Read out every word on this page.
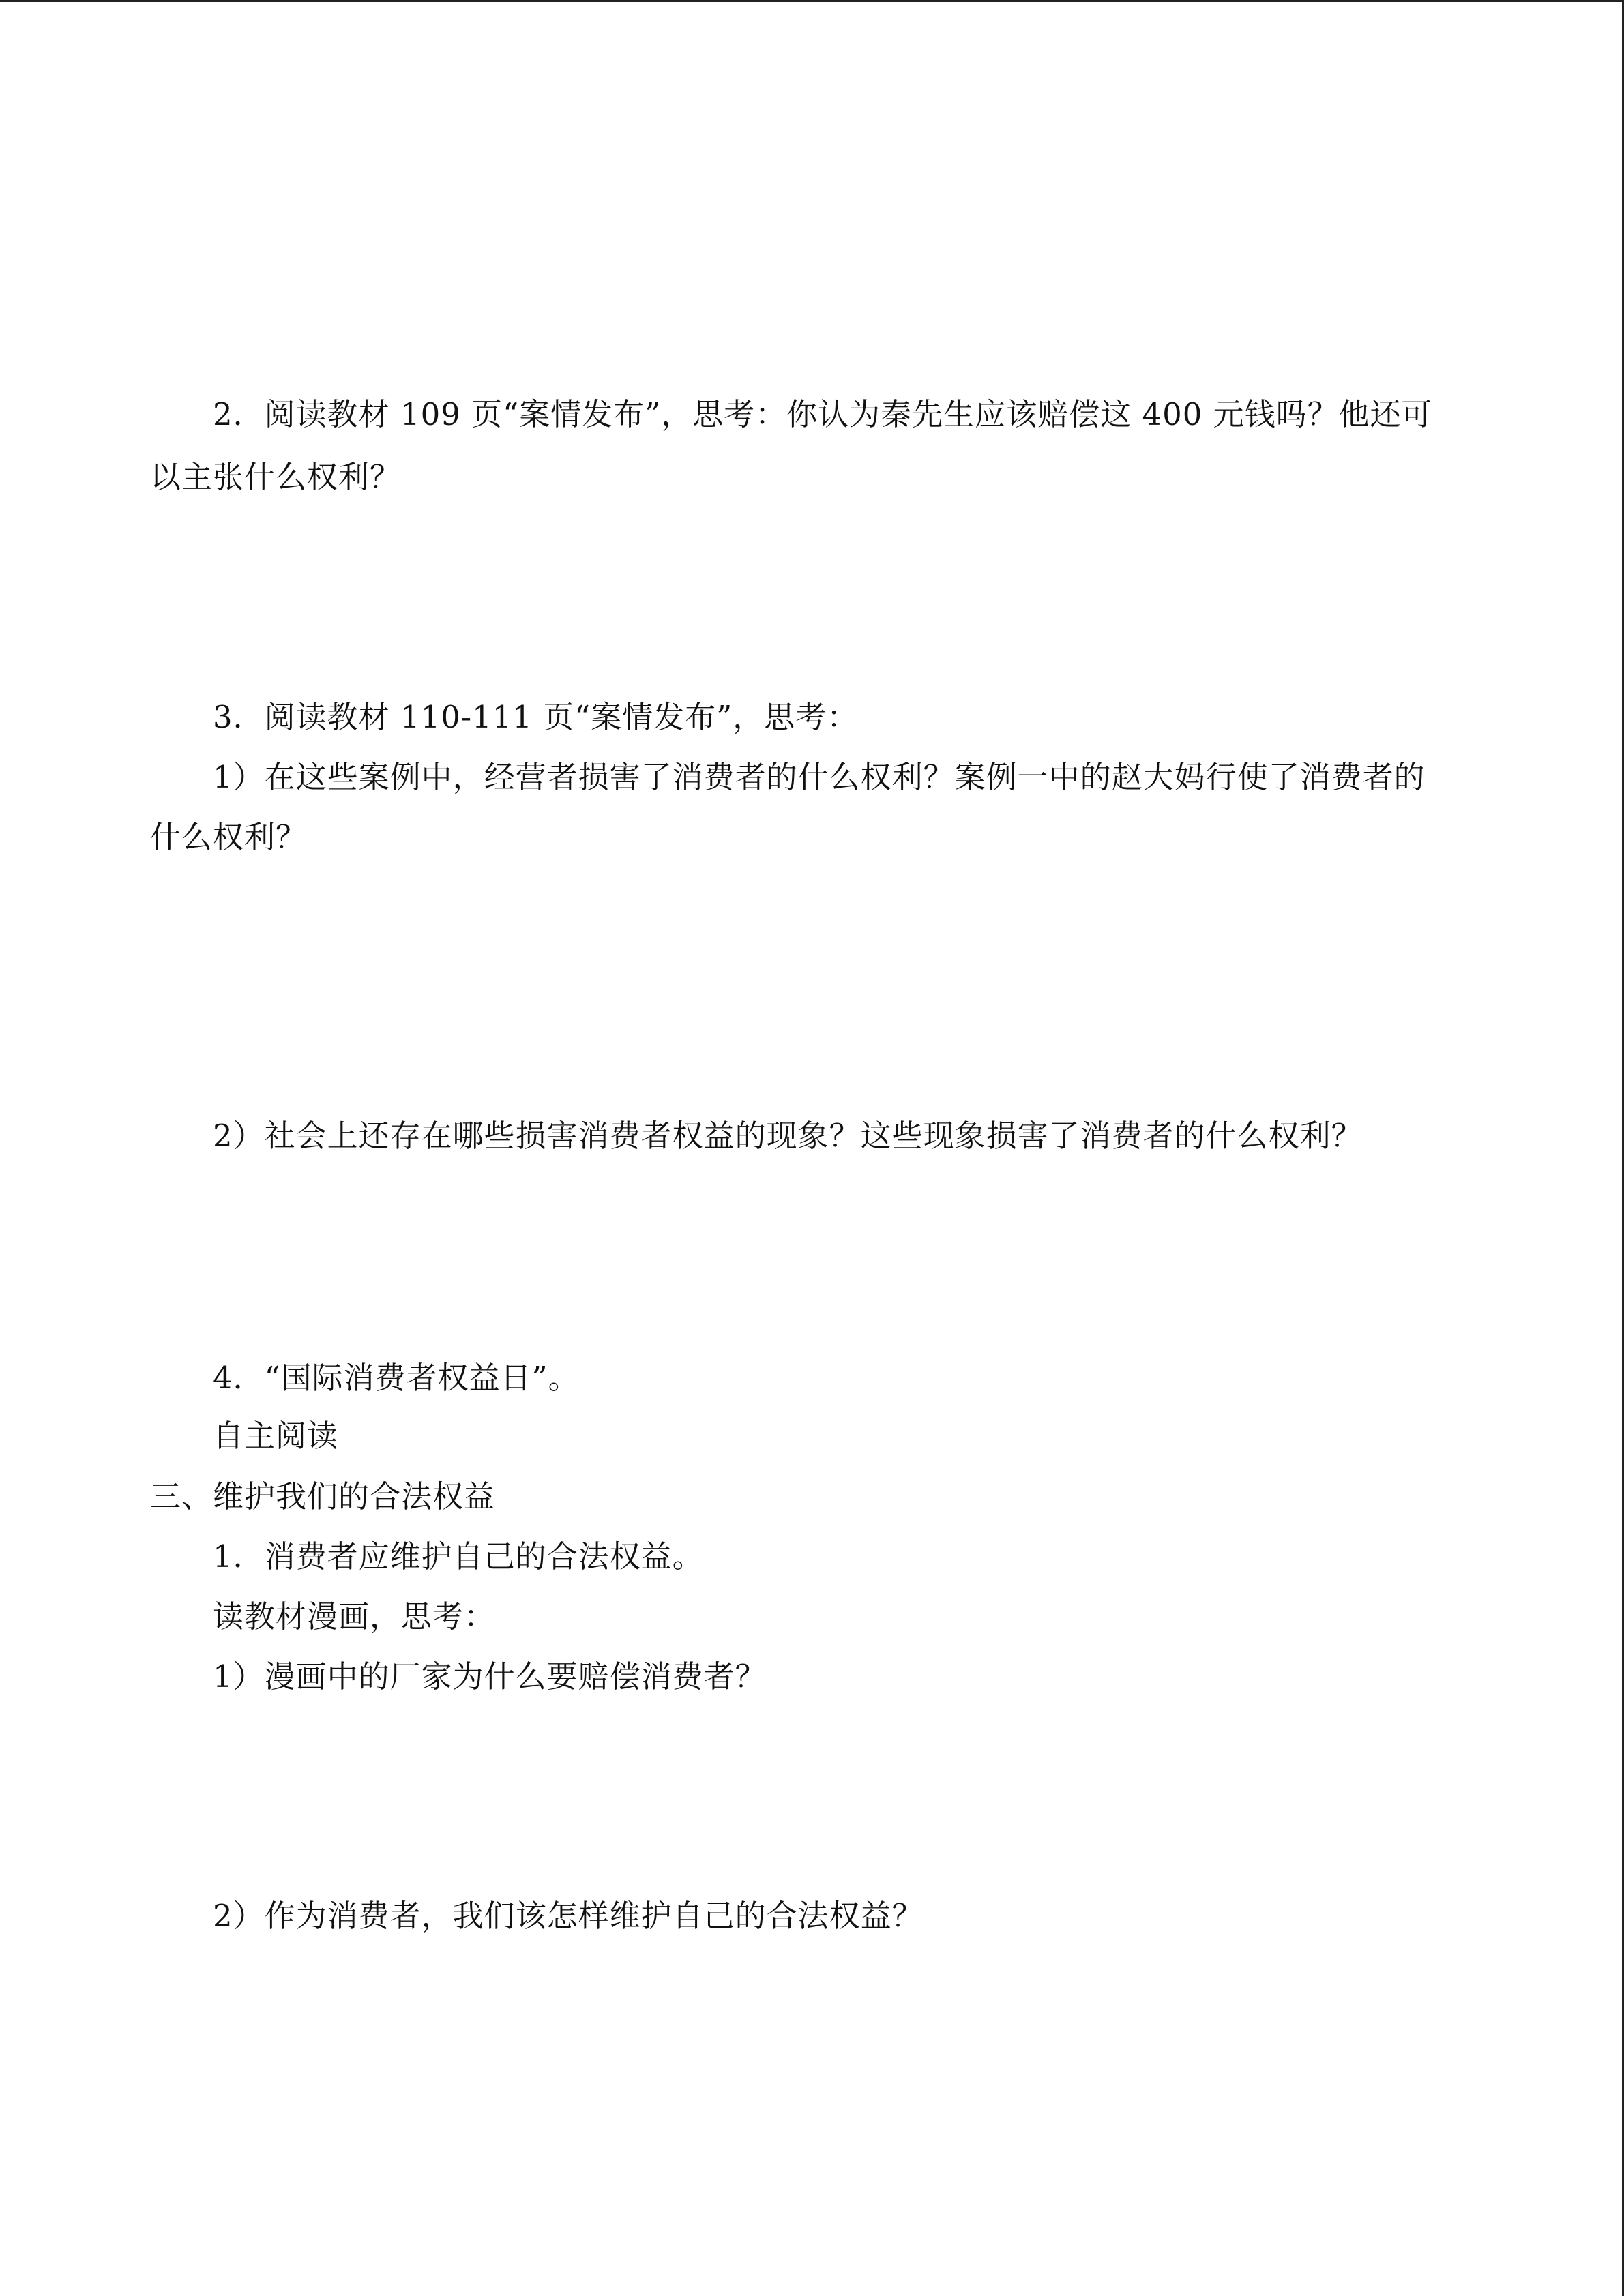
2．阅读教材 109 页“案情发布”，思考：你认为秦先生应该赔偿这 400 元钱吗？他还可
以主张什么权利？
3．阅读教材 110-111 页“案情发布”，思考：
1）在这些案例中，经营者损害了消费者的什么权利？案例一中的赵大妈行使了消费者的
什么权利？
2）社会上还存在哪些损害消费者权益的现象？这些现象损害了消费者的什么权利？
4．“国际消费者权益日”。
自主阅读
三、维护我们的合法权益
1．消费者应维护自己的合法权益。
读教材漫画，思考：
1）漫画中的厂家为什么要赔偿消费者？
2）作为消费者，我们该怎样维护自己的合法权益？
